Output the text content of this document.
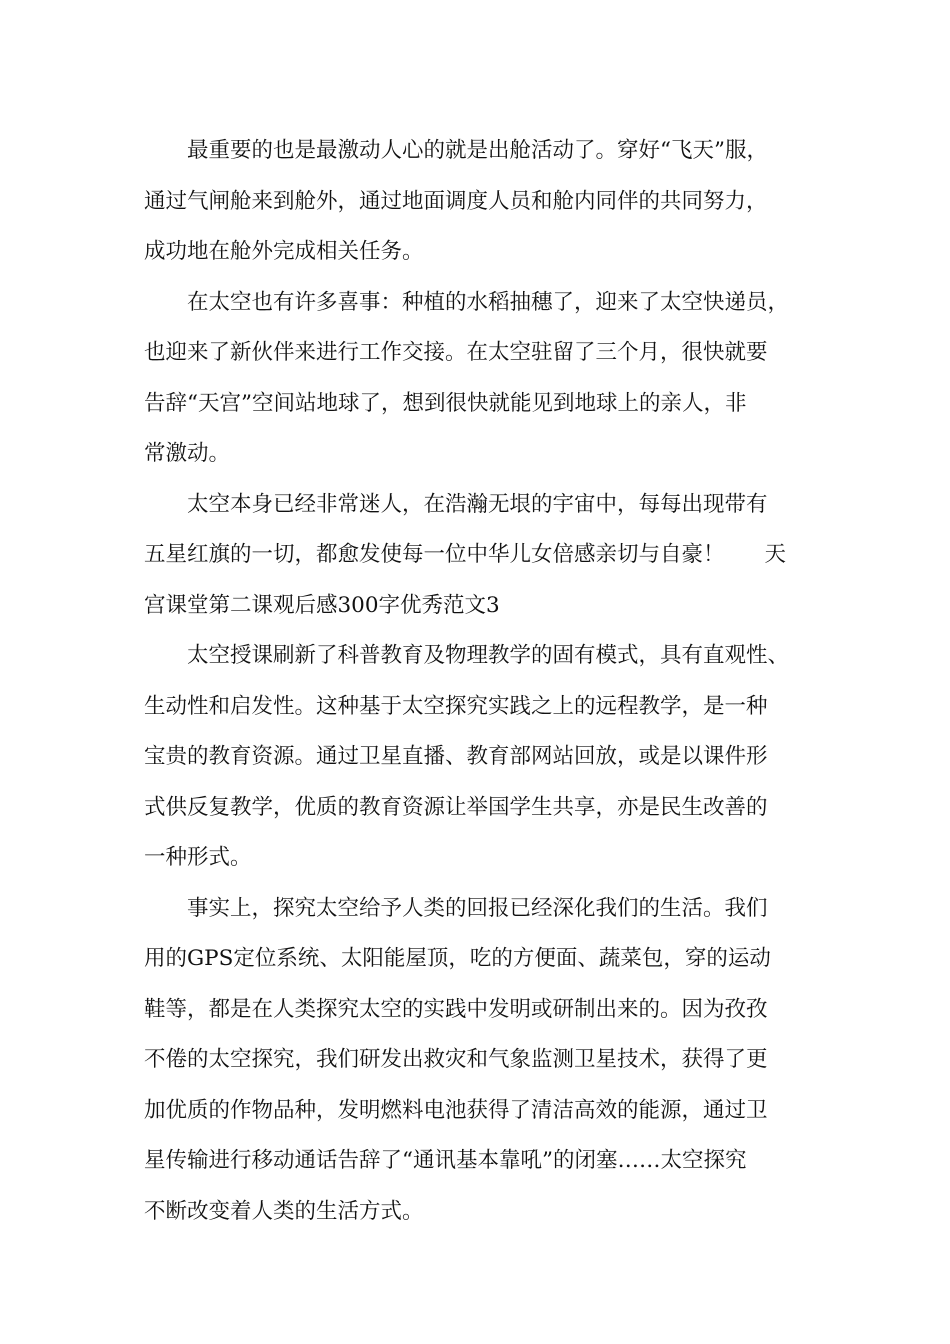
最重要的也是最激动人心的就是出舱活动了。穿好“飞天”服，
通过气闸舱来到舱外，通过地面调度人员和舱内同伴的共同努力，
成功地在舱外完成相关任务。
在太空也有许多喜事：种植的水稻抽穗了，迎来了太空快递员，
也迎来了新伙伴来进行工作交接。在太空驻留了三个月，很快就要
告辞“天宫”空间站地球了，想到很快就能见到地球上的亲人，非
常激动。
太空本身已经非常迷人，在浩瀚无垠的宇宙中，每每出现带有
五星红旗的一切，都愈发使每一位中华儿女倍感亲切与自豪！ 天
宫课堂第二课观后感300字优秀范文3
太空授课刷新了科普教育及物理教学的固有模式，具有直观性、
生动性和启发性。这种基于太空探究实践之上的远程教学，是一种
宝贵的教育资源。通过卫星直播、教育部网站回放，或是以课件形
式供反复教学，优质的教育资源让举国学生共享，亦是民生改善的
一种形式。
事实上，探究太空给予人类的回报已经深化我们的生活。我们
用的GPS定位系统、太阳能屋顶，吃的方便面、蔬菜包，穿的运动
鞋等，都是在人类探究太空的实践中发明或研制出来的。因为孜孜
不倦的太空探究，我们研发出救灾和气象监测卫星技术，获得了更
加优质的作物品种，发明燃料电池获得了清洁高效的能源，通过卫
星传输进行移动通话告辞了“通讯基本靠吼”的闭塞……太空探究
不断改变着人类的生活方式。
